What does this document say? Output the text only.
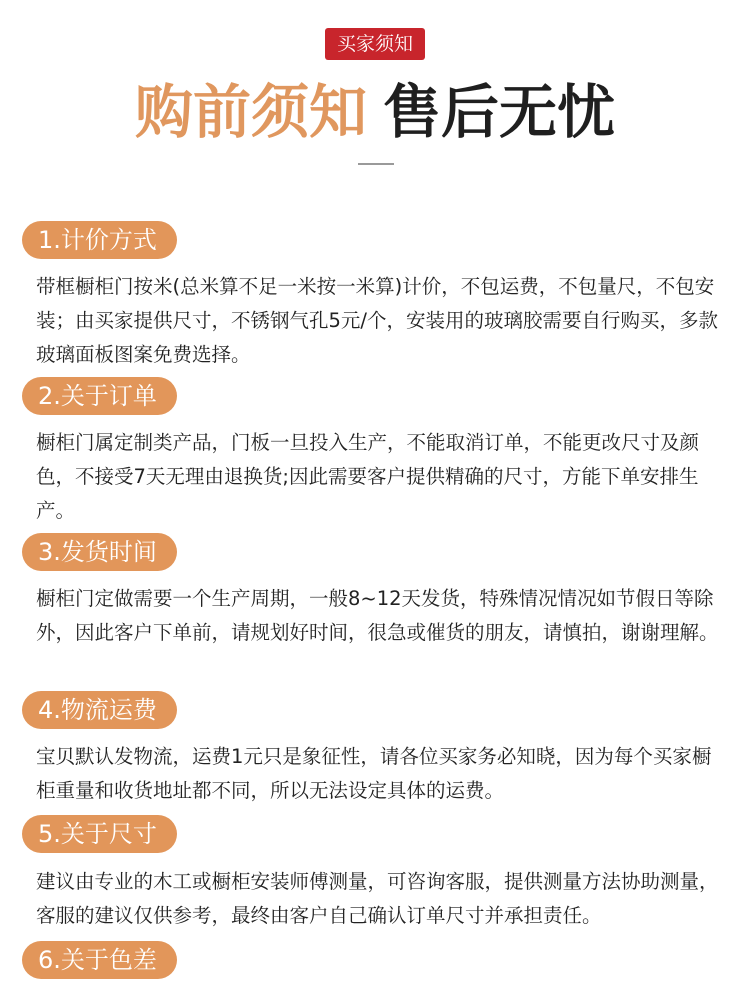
买家须知
购前须知 售后无忧
1.计价方式
带框橱柜门按米(总米算不足一米按一米算)计价，不包运费，不包量尺，不包安装；由买家提供尺寸，不锈钢气孔5元/个，安装用的玻璃胶需要自行购买，多款玻璃面板图案免费选择。
2.关于订单
橱柜门属定制类产品，门板一旦投入生产，不能取消订单，不能更改尺寸及颜色，不接受7天无理由退换货;因此需要客户提供精确的尺寸，方能下单安排生产。
3.发货时间
橱柜门定做需要一个生产周期，一般8~12天发货，特殊情况情况如节假日等除外，因此客户下单前，请规划好时间，很急或催货的朋友，请慎拍，谢谢理解。
4.物流运费
宝贝默认发物流，运费1元只是象征性，请各位买家务必知晓，因为每个买家橱柜重量和收货地址都不同，所以无法设定具体的运费。
5.关于尺寸
建议由专业的木工或橱柜安装师傅测量，可咨询客服，提供测量方法协助测量，客服的建议仅供参考，最终由客户自己确认订单尺寸并承担责任。
6.关于色差
